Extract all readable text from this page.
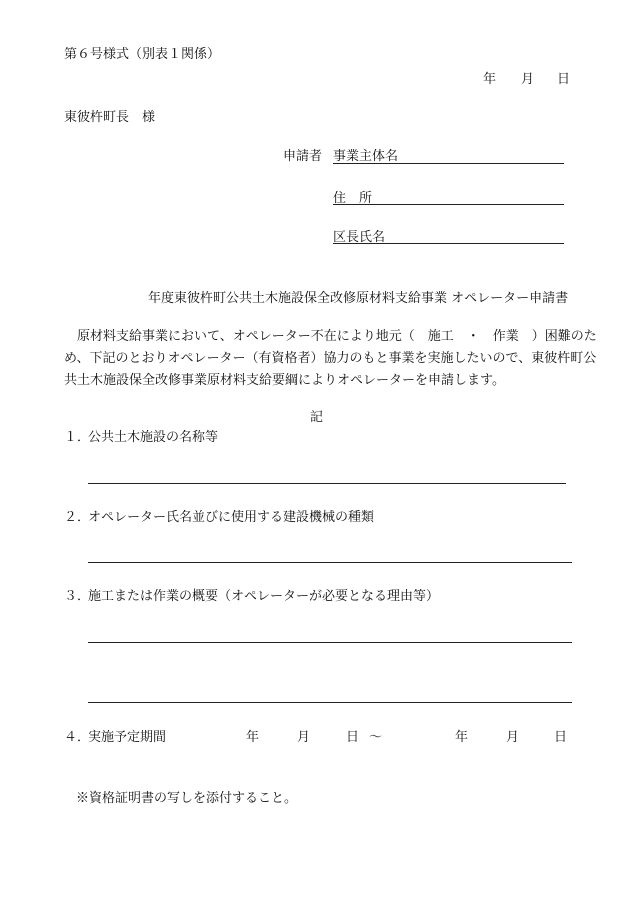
第６号様式（別表１関係）
年 月 日
東彼杵町長　様
申請者 事業主体名
住　所
区長氏名
年度東彼杵町公共土木施設保全改修原材料支給事業 オペレーター申請書
　原材料支給事業において、オペレーター不在により地元（　施工　・　作業　）困難のた
め、下記のとおりオペレーター（有資格者）協力のもと事業を実施したいので、東彼杵町公
共土木施設保全改修事業原材料支給要綱によりオペレーターを申請します。
記
１．
公共土木施設の名称等
２．
オペレーター氏名並びに使用する建設機械の種類
３．
施工または作業の概要（オペレーターが必要となる理由等）
４．
実施予定期間	年	月	日 ～	年	月	日
※資格証明書の写しを添付すること。
